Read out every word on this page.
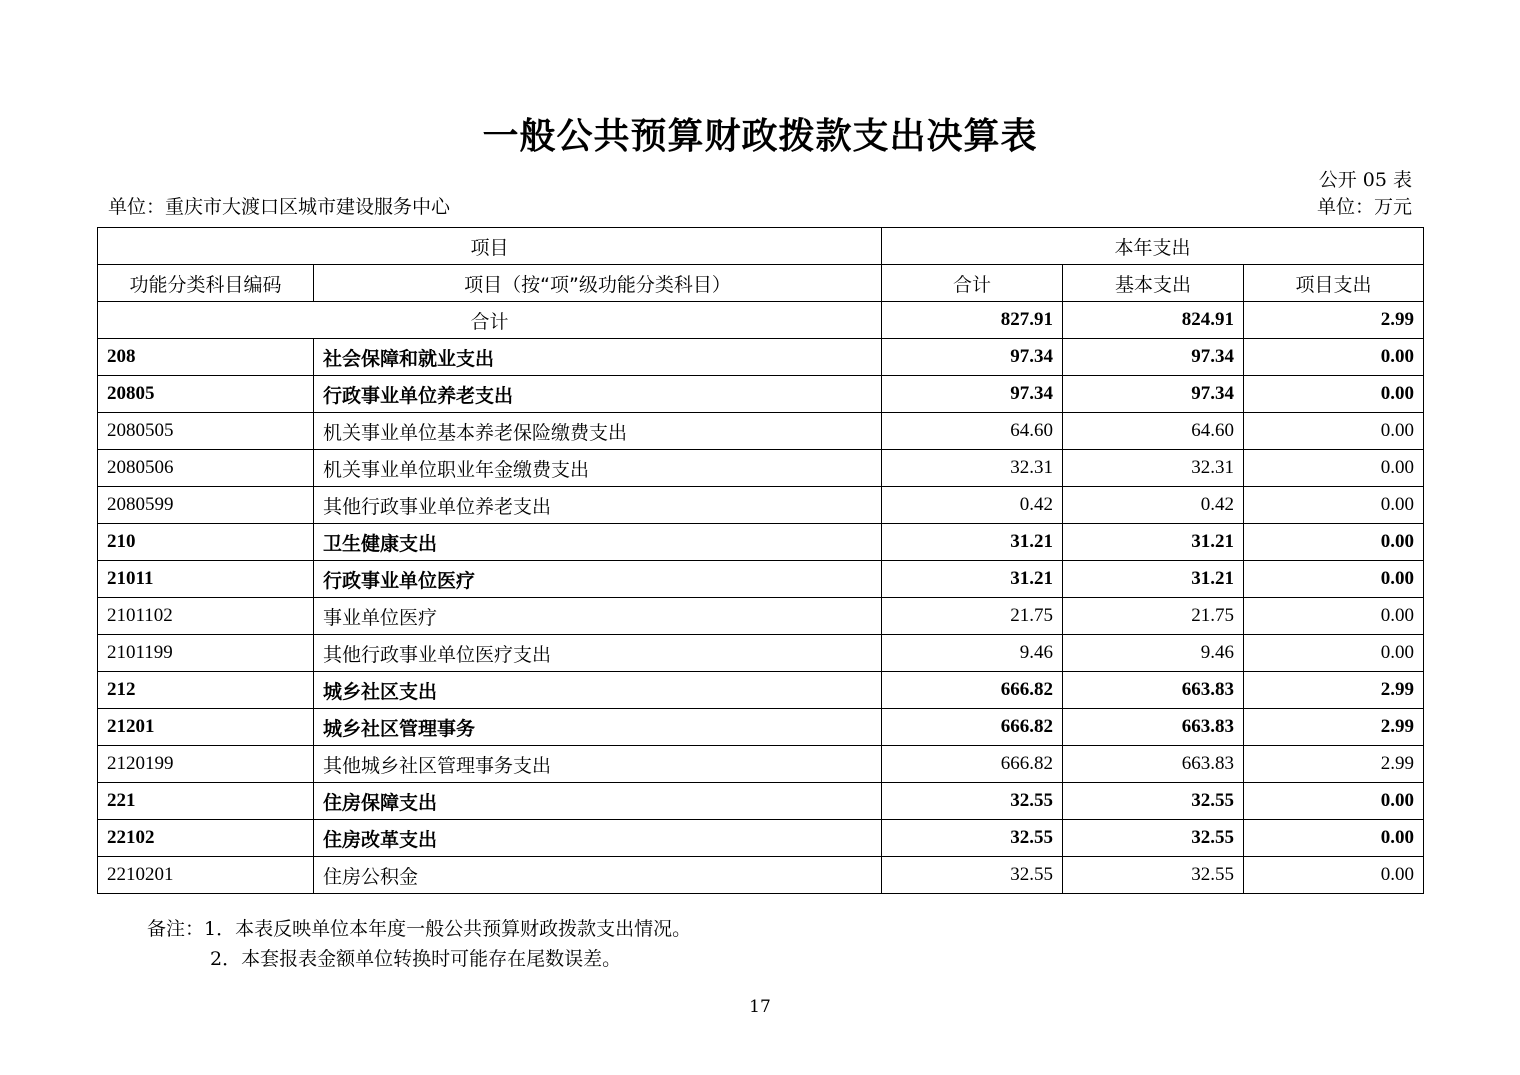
一般公共预算财政拨款支出决算表
公开 05 表
单位：重庆市大渡口区城市建设服务中心	单位：万元
项目		本年支出		
功能分类科目编码	项目（按“项”级功能分类科目）	合计	基本支出	项目支出
合计		827.91	824.91	2.99
208	社会保障和就业支出	97.34	97.34	0.00
20805	行政事业单位养老支出	97.34	97.34	0.00
2080505	机关事业单位基本养老保险缴费支出	64.60	64.60	0.00
2080506	机关事业单位职业年金缴费支出	32.31	32.31	0.00
2080599	其他行政事业单位养老支出	0.42	0.42	0.00
210	卫生健康支出	31.21	31.21	0.00
21011	行政事业单位医疗	31.21	31.21	0.00
2101102	事业单位医疗	21.75	21.75	0.00
2101199	其他行政事业单位医疗支出	9.46	9.46	0.00
212	城乡社区支出	666.82	663.83	2.99
21201	城乡社区管理事务	666.82	663.83	2.99
2120199	其他城乡社区管理事务支出	666.82	663.83	2.99
221	住房保障支出	32.55	32.55	0.00
22102	住房改革支出	32.55	32.55	0.00
2210201	住房公积金	32.55	32.55	0.00
备注：1．本表反映单位本年度一般公共预算财政拨款支出情况。
2．本套报表金额单位转换时可能存在尾数误差。
17
